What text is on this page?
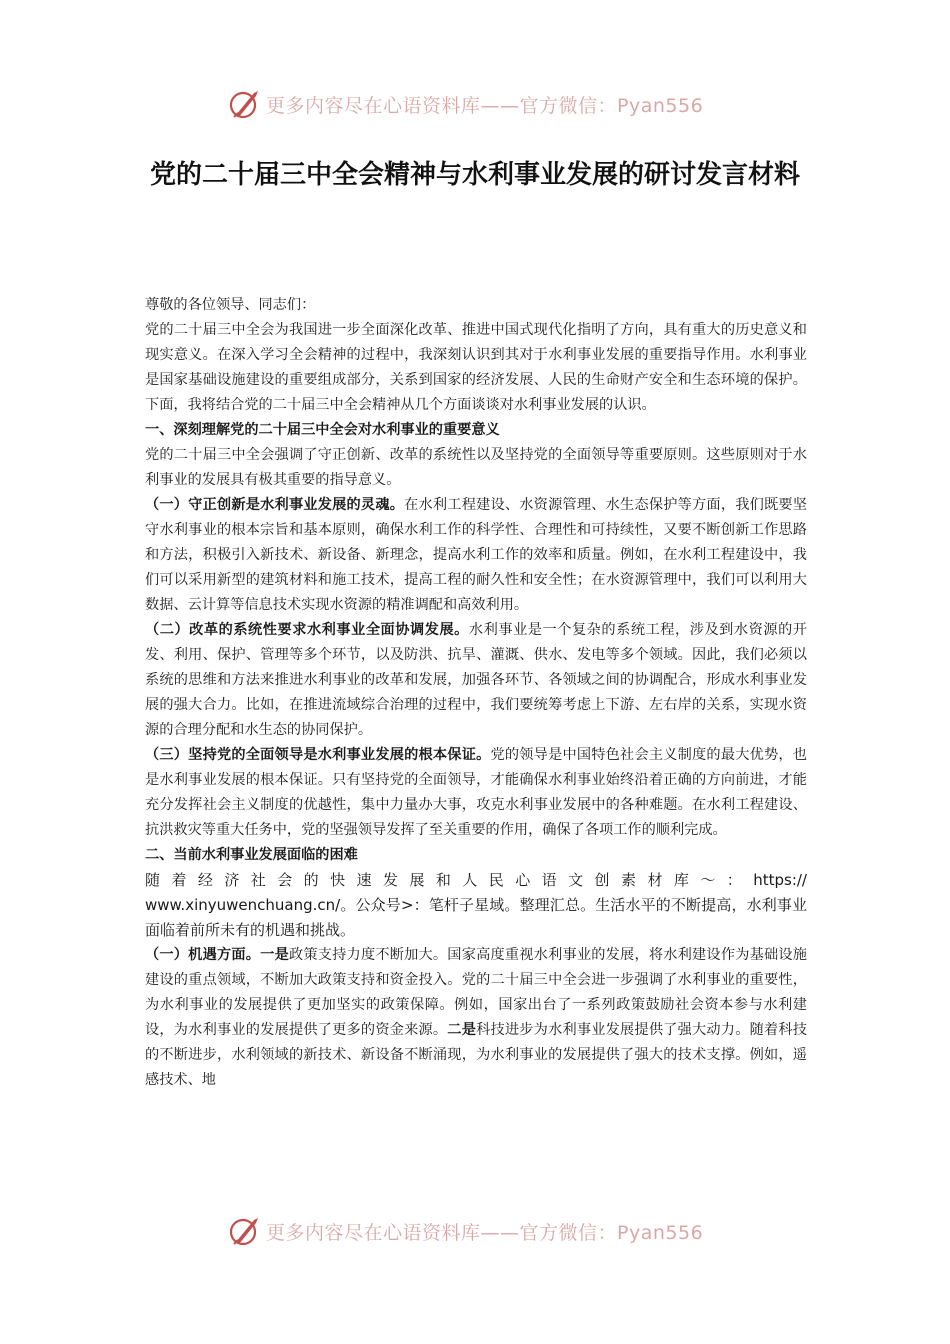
更多内容尽在心语资料库——官方微信：Pyan556
党的二十届三中全会精神与水利事业发展的研讨发言材料

尊敬的各位领导、同志们：

党的二十届三中全会为我国进一步全面深化改革、推进中国式现代化指明了方向，具有重大的历史意义和现实意义。在深入学习全会精神的过程中，我深刻认识到其对于水利事业发展的重要指导作用。水利事业是国家基础设施建设的重要组成部分，关系到国家的经济发展、人民的生命财产安全和生态环境的保护。下面，我将结合党的二十届三中全会精神从几个方面谈谈对水利事业发展的认识。

一、深刻理解党的二十届三中全会对水利事业的重要意义

党的二十届三中全会强调了守正创新、改革的系统性以及坚持党的全面领导等重要原则。这些原则对于水利事业的发展具有极其重要的指导意义。

（一）守正创新是水利事业发展的灵魂。在水利工程建设、水资源管理、水生态保护等方面，我们既要坚守水利事业的根本宗旨和基本原则，确保水利工作的科学性、合理性和可持续性，又要不断创新工作思路和方法，积极引入新技术、新设备、新理念，提高水利工作的效率和质量。例如，在水利工程建设中，我们可以采用新型的建筑材料和施工技术，提高工程的耐久性和安全性；在水资源管理中，我们可以利用大数据、云计算等信息技术实现水资源的精准调配和高效利用。

（二）改革的系统性要求水利事业全面协调发展。水利事业是一个复杂的系统工程，涉及到水资源的开发、利用、保护、管理等多个环节，以及防洪、抗旱、灌溉、供水、发电等多个领域。因此，我们必须以系统的思维和方法来推进水利事业的改革和发展，加强各环节、各领域之间的协调配合，形成水利事业发展的强大合力。比如，在推进流域综合治理的过程中，我们要统筹考虑上下游、左右岸的关系，实现水资源的合理分配和水生态的协同保护。

（三）坚持党的全面领导是水利事业发展的根本保证。党的领导是中国特色社会主义制度的最大优势，也是水利事业发展的根本保证。只有坚持党的全面领导，才能确保水利事业始终沿着正确的方向前进，才能充分发挥社会主义制度的优越性，集中力量办大事，攻克水利事业发展中的各种难题。在水利工程建设、抗洪救灾等重大任务中，党的坚强领导发挥了至关重要的作用，确保了各项工作的顺利完成。

二、当前水利事业发展面临的困难

随着经济社会的快速发展和人民心语文创素材库～：https://

www.xinyuwenchuang.cn/。公众号>：笔杆子星域。整理汇总。生活水平的不断提高，水利事业面临着前所未有的机遇和挑战。

（一）机遇方面。一是政策支持力度不断加大。国家高度重视水利事业的发展，将水利建设作为基础设施建设的重点领域，不断加大政策支持和资金投入。党的二十届三中全会进一步强调了水利事业的重要性，为水利事业的发展提供了更加坚实的政策保障。例如，国家出台了一系列政策鼓励社会资本参与水利建设，为水利事业的发展提供了更多的资金来源。二是科技进步为水利事业发展提供了强大动力。随着科技的不断进步，水利领域的新技术、新设备不断涌现，为水利事业的发展提供了强大的技术支撑。例如，遥感技术、地

更多内容尽在心语资料库——官方微信：Pyan556
